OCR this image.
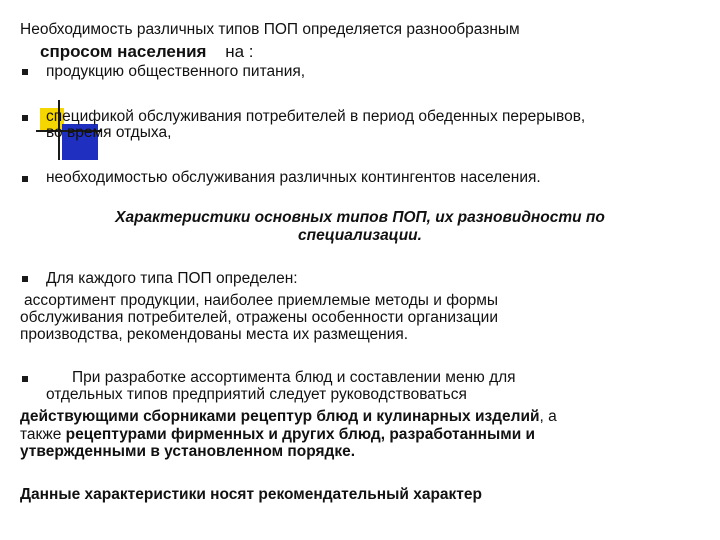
Необходимость различных типов ПОП определяется разнообразным
спросом населения на :
продукцию общественного питания,
спецификой обслуживания потребителей в период обеденных перерывов,
во время отдыха,
необходимостью обслуживания различных контингентов населения.
Характеристики основных типов ПОП, их разновидности по
специализации.
Для каждого типа ПОП определен:
ассортимент продукции, наиболее приемлемые методы и формы
обслуживания потребителей, отражены особенности организации
производства, рекомендованы места их размещения.
При разработке ассортимента блюд и составлении меню для
отдельных типов предприятий следует руководствоваться
действующими сборниками рецептур блюд и кулинарных изделий, а
также рецептурами фирменных и других блюд, разработанными и
утвержденными в установленном порядке.
Данные характеристики носят рекомендательный характер
